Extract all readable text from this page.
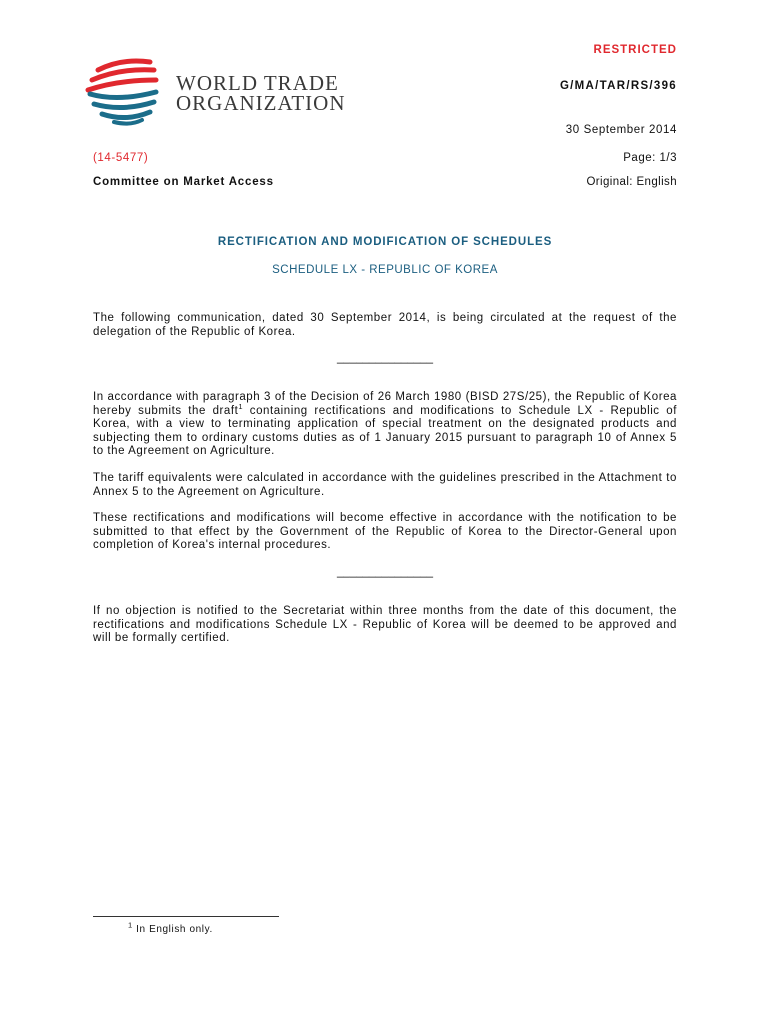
WORLD TRADE
ORGANIZATION
RESTRICTED
G/MA/TAR/RS/396
30 September 2014
(14-5477)	Page: 1/3
Committee on Market Access	Original: English
RECTIFICATION AND MODIFICATION OF SCHEDULES
SCHEDULE LX - REPUBLIC OF KOREA

The following communication, dated 30 September 2014, is being circulated at the request of the delegation of the Republic of Korea.

_______________

In accordance with paragraph 3 of the Decision of 26 March 1980 (BISD 27S/25), the Republic of Korea hereby submits the draft$^1$ containing rectifications and modifications to Schedule LX - Republic of Korea, with a view to terminating application of special treatment on the designated products and subjecting them to ordinary customs duties as of 1 January 2015 pursuant to paragraph 10 of Annex 5 to the Agreement on Agriculture.

The tariff equivalents were calculated in accordance with the guidelines prescribed in the Attachment to Annex 5 to the Agreement on Agriculture.

These rectifications and modifications will become effective in accordance with the notification to be submitted to that effect by the Government of the Republic of Korea to the Director-General upon completion of Korea's internal procedures.

_______________

If no objection is notified to the Secretariat within three months from the date of this document, the rectifications and modifications Schedule LX - Republic of Korea will be deemed to be approved and will be formally certified.

$^1$ In English only.
